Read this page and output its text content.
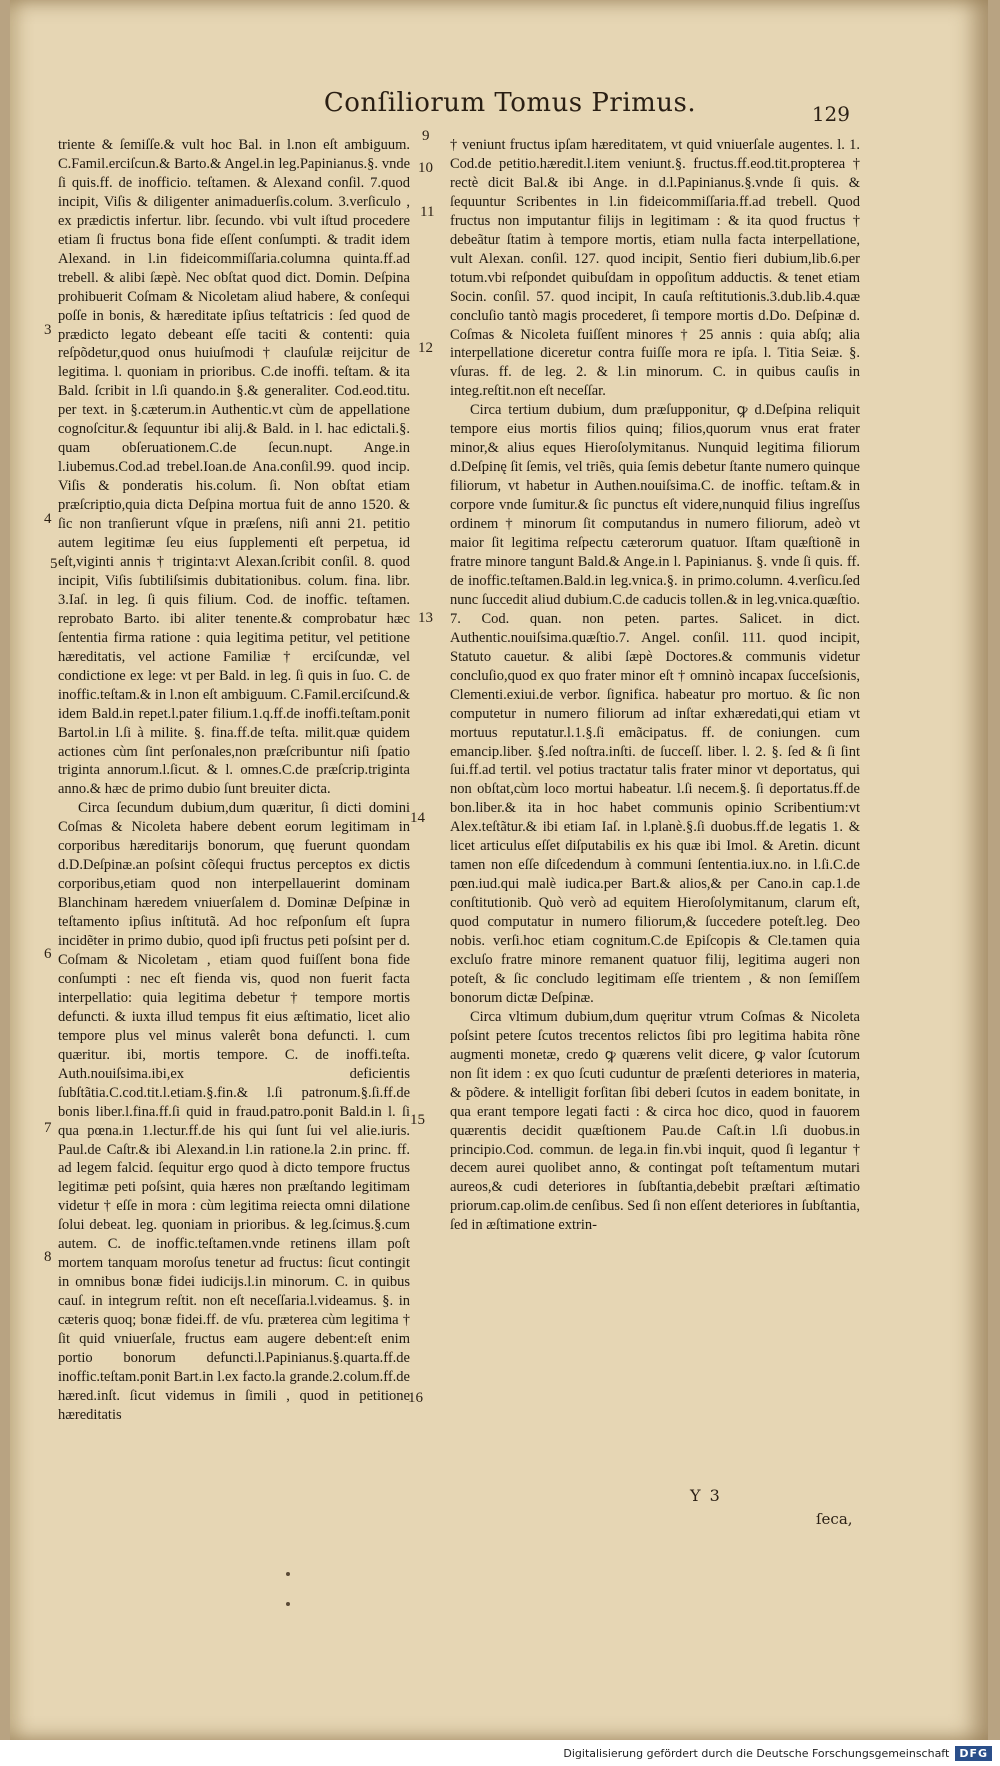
Conſiliorum Tomus Primus.	129
3
4
5
6
7
8
9
10
11
12
13
14
15
16

triente & ſemiſſe.& vult hoc Bal. in l.non eſt ambiguum. C.Famil.erciſcun.& Barto.& Angel.in leg.Papinianus.§. vnde ſi quis.ff. de inofficio. teſtamen. & Alexand conſil. 7.quod incipit, Viſis & diligenter animaduerſis.colum. 3.verſiculo , ex prædictis infertur. libr. ſecundo. vbi vult iſtud procedere etiam ſi fructus bona fide eſſent conſumpti. & tradit idem Alexand. in l.in fideicommiſſaria.columna quinta.ff.ad trebell. & alibi ſæpè. Nec obſtat quod dict. Domin. Deſpina prohibuerit Coſmam & Nicoletam aliud habere, & conſequi poſſe in bonis, & hæreditate ipſius teſtatricis : ſed quod de prædicto legato debeant eſſe taciti & contenti: quia reſpõdetur,quod onus huiuſmodi † clauſulæ reijcitur de legitima. l. quoniam in prioribus. C.de inoffi. teſtam. & ita Bald. ſcribit in l.ſi quando.in §.& generaliter. Cod.eod.titu. per text. in §.cæterum.in Authentic.vt cùm de appellatione cognoſcitur.& ſequuntur ibi alij.& Bald. in l. hac edictali.§. quam obſeruationem.C.de ſecun.nupt. Ange.in l.iubemus.Cod.ad trebel.Ioan.de Ana.conſil.99. quod incip. Viſis & ponderatis his.colum. ſi. Non obſtat etiam præſcriptio,quia dicta Deſpina mortua fuit de anno 1520. & ſic non tranſierunt vſque in præſens, niſi anni 21. petitio autem legitimæ ſeu eius ſupplementi eſt perpetua, id eſt,viginti annis † triginta:vt Alexan.ſcribit conſil. 8. quod incipit, Viſis ſubtiliſsimis dubitationibus. colum. fina. libr. 3.Iaſ. in leg. ſi quis filium. Cod. de inoffic. teſtamen. reprobato Barto. ibi aliter tenente.& comprobatur hæc ſententia firma ratione : quia legitima petitur, vel petitione hæreditatis, vel actione Familiæ † erciſcundæ, vel condictione ex lege: vt per Bald. in leg. ſi quis in ſuo. C. de inoffic.teſtam.& in l.non eſt ambiguum. C.Famil.erciſcund.& idem Bald.in repet.l.pater filium.1.q.ff.de inoffi.teſtam.ponit Bartol.in l.ſi à milite. §. fina.ff.de teſta. milit.quæ quidem actiones cùm ſint perſonales,non præſcribuntur niſi ſpatio triginta annorum.l.ſicut. & l. omnes.C.de præſcrip.triginta anno.& hæc de primo dubio ſunt breuiter dicta.

Circa ſecundum dubium,dum quæritur, ſi dicti domini Coſmas & Nicoleta habere debent eorum legitimam in corporibus hæreditarijs bonorum, quę fuerunt quondam d.D.Deſpinæ.an poſsint cõſequi fructus perceptos ex dictis corporibus,etiam quod non interpellauerint dominam Blanchinam hæredem vniuerſalem d. Dominæ Deſpinæ in teſtamento ipſius inſtitutã. Ad hoc reſponſum eſt ſupra incidẽter in primo dubio, quod ipſi fructus peti poſsint per d. Coſmam & Nicoletam , etiam quod fuiſſent bona fide conſumpti : nec eſt fienda vis, quod non fuerit facta interpellatio: quia legitima debetur † tempore mortis defuncti. & iuxta illud tempus fit eius æſtimatio, licet alio tempore plus vel minus valerêt bona defuncti. l. cum quæritur. ibi, mortis tempore. C. de inoffi.teſta. Auth.nouiſsima.ibi,ex deficientis ſubſtãtia.C.cod.tit.l.etiam.§.fin.& l.ſi patronum.§.ſi.ff.de bonis liber.l.fina.ff.ſi quid in fraud.patro.ponit Bald.in l. ſi qua pœna.in 1.lectur.ff.de his qui ſunt ſui vel alie.iuris. Paul.de Caſtr.& ibi Alexand.in l.in ratione.la 2.in princ. ff. ad legem falcid. ſequitur ergo quod à dicto tempore fructus legitimæ peti poſsint, quia hæres non præſtando legitimam videtur † eſſe in mora : cùm legitima reiecta omni dilatione ſolui debeat. leg. quoniam in prioribus. & leg.ſcimus.§.cum autem. C. de inoffic.teſtamen.vnde retinens illam poſt mortem tanquam moroſus tenetur ad fructus: ſicut contingit in omnibus bonæ fidei iudicijs.l.in minorum. C. in quibus cauſ. in integrum reſtit. non eſt neceſſaria.l.videamus. §. in cæteris quoq; bonæ fidei.ff. de vſu. præterea cùm legitima † ſit quid vniuerſale, fructus eam augere debent:eſt enim portio bonorum defuncti.l.Papinianus.§.quarta.ff.de inoffic.teſtam.ponit Bart.in l.ex facto.la grande.2.colum.ff.de hæred.inſt. ſicut videmus in ſimili , quod in petitione hæreditatis

† veniunt fructus ipſam hæreditatem, vt quid vniuerſale augentes. l. 1. Cod.de petitio.hæredit.l.item veniunt.§. fructus.ff.eod.tit.propterea † rectè dicit Bal.& ibi Ange. in d.l.Papinianus.§.vnde ſi quis. & ſequuntur Scribentes in l.in fideicommiſſaria.ff.ad trebell. Quod fructus non imputantur filijs in legitimam : & ita quod fructus † debeãtur ſtatim à tempore mortis, etiam nulla facta interpellatione, vult Alexan. conſil. 127. quod incipit, Sentio fieri dubium,lib.6.per totum.vbi reſpondet quibuſdam in oppoſitum adductis. & tenet etiam Socin. conſil. 57. quod incipit, In cauſa reſtitutionis.3.dub.lib.4.quæ concluſio tantò magis procederet, ſi tempore mortis d.Do. Deſpinæ d. Coſmas & Nicoleta fuiſſent minores † 25 annis : quia abſq; alia interpellatione diceretur contra fuiſſe mora re ipſa. l. Titia Seiæ. §. vſuras. ff. de leg. 2. & l.in minorum. C. in quibus cauſis in integ.reſtit.non eſt neceſſar.

Circa tertium dubium, dum præſupponitur, ꝙ d.Deſpina reliquit tempore eius mortis filios quinq; filios,quorum vnus erat frater minor,& alius eques Hieroſolymitanus. Nunquid legitima filiorum d.Deſpinę ſit ſemis, vel triẽs, quia ſemis debetur ſtante numero quinque filiorum, vt habetur in Authen.nouiſsima.C. de inoffic. teſtam.& in corpore vnde ſumitur.& ſic punctus eſt videre,nunquid filius ingreſſus ordinem † minorum ſit computandus in numero filiorum, adeò vt maior ſit legitima reſpectu cæterorum quatuor. Iſtam quæſtionẽ in fratre minore tangunt Bald.& Ange.in l. Papinianus. §. vnde ſi quis. ff. de inoffic.teſtamen.Bald.in leg.vnica.§. in primo.column. 4.verſicu.ſed nunc ſuccedit aliud dubium.C.de caducis tollen.& in leg.vnica.quæſtio. 7. Cod. quan. non peten. partes. Salicet. in dict. Authentic.nouiſsima.quæſtio.7. Angel. conſil. 111. quod incipit, Statuto cauetur. & alibi ſæpè Doctores.& communis videtur concluſio,quod ex quo frater minor eſt † omninò incapax ſucceſsionis, Clementi.exiui.de verbor. ſignifica. habeatur pro mortuo. & ſic non computetur in numero filiorum ad inſtar exhæredati,qui etiam vt mortuus reputatur.l.1.§.ſi emãcipatus. ff. de coniungen. cum emancip.liber. §.ſed noſtra.inſti. de ſucceſſ. liber. l. 2. §. ſed & ſi ſint ſui.ff.ad tertil. vel potius tractatur talis frater minor vt deportatus, qui non obſtat,cùm loco mortui habeatur. l.ſi necem.§. ſi deportatus.ff.de bon.liber.& ita in hoc habet communis opinio Scribentium:vt Alex.teſtãtur.& ibi etiam Iaſ. in l.planè.§.ſi duobus.ff.de legatis 1. & licet articulus eſſet diſputabilis ex his quæ ibi Imol. & Aretin. dicunt tamen non eſſe diſcedendum à communi ſententia.iux.no. in l.ſi.C.de pœn.iud.qui malè iudica.per Bart.& alios,& per Cano.in cap.1.de conſtitutionib. Quò verò ad equitem Hieroſolymitanum, clarum eſt, quod computatur in numero filiorum,& ſuccedere poteſt.leg. Deo nobis. verſi.hoc etiam cognitum.C.de Epiſcopis & Cle.tamen quia excluſo fratre minore remanent quatuor filij, legitima augeri non poteſt, & ſic concludo legitimam eſſe trientem , & non ſemiſſem bonorum dictæ Deſpinæ.

Circa vltimum dubium,dum quęritur vtrum Coſmas & Nicoleta poſsint petere ſcutos trecentos relictos ſibi pro legitima habita rõne augmenti monetæ, credo ꝙ quærens velit dicere, ꝙ valor ſcutorum non ſit idem : ex quo ſcuti cuduntur de præſenti deteriores in materia, & põdere. & intelligit forſitan ſibi deberi ſcutos in eadem bonitate, in qua erant tempore legati facti : & circa hoc dico, quod in fauorem quærentis decidit quæſtionem Pau.de Caſt.in l.ſi duobus.in principio.Cod. commun. de lega.in fin.vbi inquit, quod ſi legantur † decem aurei quolibet anno, & contingat poſt teſtamentum mutari aureos,& cudi deteriores in ſubſtantia,debebit præſtari æſtimatio priorum.cap.olim.de cenſibus. Sed ſi non eſſent deteriores in ſubſtantia, ſed in æſtimatione extrin-

Y 3
ſeca,
Digitalisierung gefördert durch die Deutsche Forschungsgemeinschaft DFG
